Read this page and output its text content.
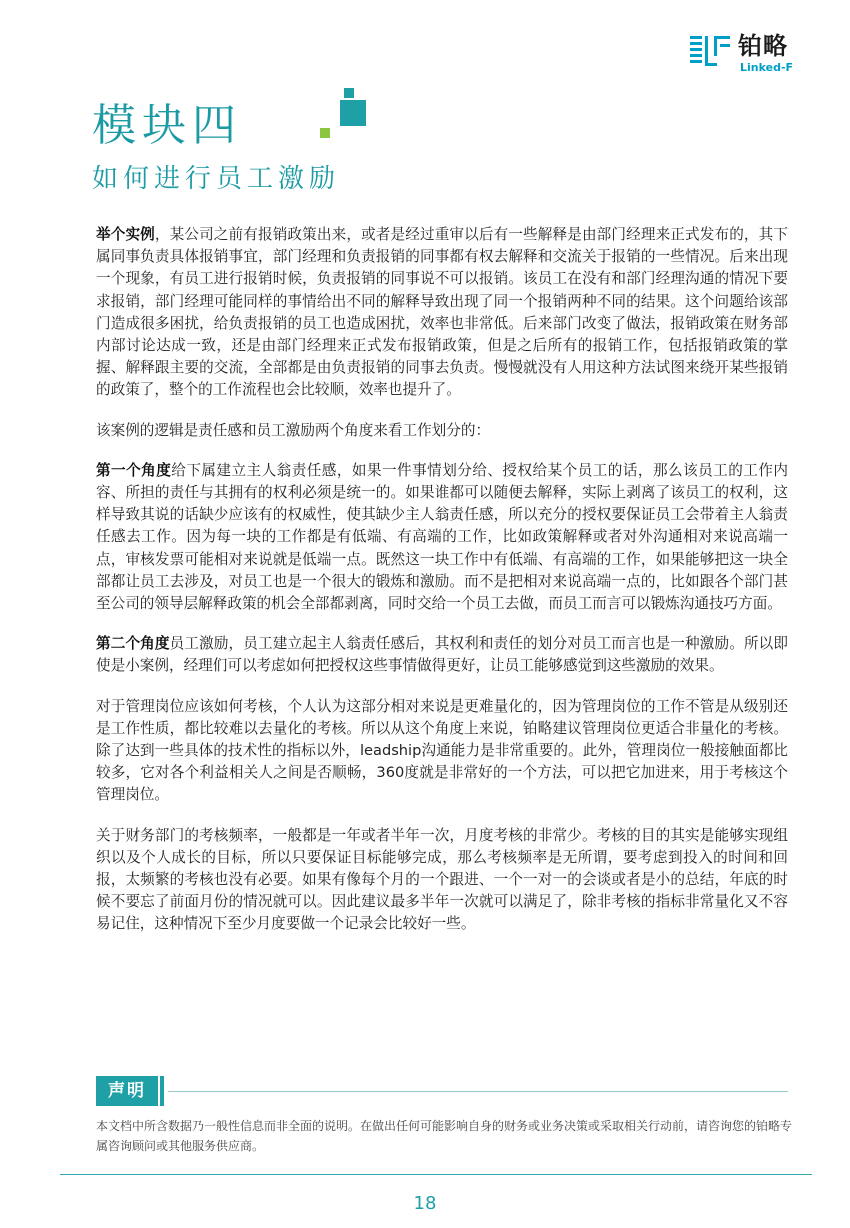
铂略
Linked-F
模块四
如何进行员工激励

举个实例，某公司之前有报销政策出来，或者是经过重审以后有一些解释是由部门经理来正式发布的，其下属同事负责具体报销事宜，部门经理和负责报销的同事都有权去解释和交流关于报销的一些情况。后来出现一个现象，有员工进行报销时候，负责报销的同事说不可以报销。该员工在没有和部门经理沟通的情况下要求报销，部门经理可能同样的事情给出不同的解释导致出现了同一个报销两种不同的结果。这个问题给该部门造成很多困扰，给负责报销的员工也造成困扰，效率也非常低。后来部门改变了做法，报销政策在财务部内部讨论达成一致，还是由部门经理来正式发布报销政策，但是之后所有的报销工作，包括报销政策的掌握、解释跟主要的交流，全部都是由负责报销的同事去负责。慢慢就没有人用这种方法试图来绕开某些报销的政策了，整个的工作流程也会比较顺，效率也提升了。

该案例的逻辑是责任感和员工激励两个角度来看工作划分的：

第一个角度给下属建立主人翁责任感，如果一件事情划分给、授权给某个员工的话，那么该员工的工作内容、所担的责任与其拥有的权利必须是统一的。如果谁都可以随便去解释，实际上剥离了该员工的权利，这样导致其说的话缺少应该有的权威性，使其缺少主人翁责任感，所以充分的授权要保证员工会带着主人翁责任感去工作。因为每一块的工作都是有低端、有高端的工作，比如政策解释或者对外沟通相对来说高端一点，审核发票可能相对来说就是低端一点。既然这一块工作中有低端、有高端的工作，如果能够把这一块全部都让员工去涉及，对员工也是一个很大的锻炼和激励。而不是把相对来说高端一点的，比如跟各个部门甚至公司的领导层解释政策的机会全部都剥离，同时交给一个员工去做，而员工而言可以锻炼沟通技巧方面。

第二个角度员工激励，员工建立起主人翁责任感后，其权利和责任的划分对员工而言也是一种激励。所以即使是小案例，经理们可以考虑如何把授权这些事情做得更好，让员工能够感觉到这些激励的效果。

对于管理岗位应该如何考核，个人认为这部分相对来说是更难量化的，因为管理岗位的工作不管是从级别还是工作性质，都比较难以去量化的考核。所以从这个角度上来说，铂略建议管理岗位更适合非量化的考核。除了达到一些具体的技术性的指标以外，leadship沟通能力是非常重要的。此外，管理岗位一般接触面都比较多，它对各个利益相关人之间是否顺畅，360度就是非常好的一个方法，可以把它加进来，用于考核这个管理岗位。

关于财务部门的考核频率，一般都是一年或者半年一次，月度考核的非常少。考核的目的其实是能够实现组织以及个人成长的目标，所以只要保证目标能够完成，那么考核频率是无所谓，要考虑到投入的时间和回报，太频繁的考核也没有必要。如果有像每个月的一个跟进、一个一对一的会谈或者是小的总结，年底的时候不要忘了前面月份的情况就可以。因此建议最多半年一次就可以满足了，除非考核的指标非常量化又不容易记住，这种情况下至少月度要做一个记录会比较好一些。

声明
本文档中所含数据乃一般性信息而非全面的说明。在做出任何可能影响自身的财务或业务决策或采取相关行动前，请咨询您的铂略专属咨询顾问或其他服务供应商。
18
